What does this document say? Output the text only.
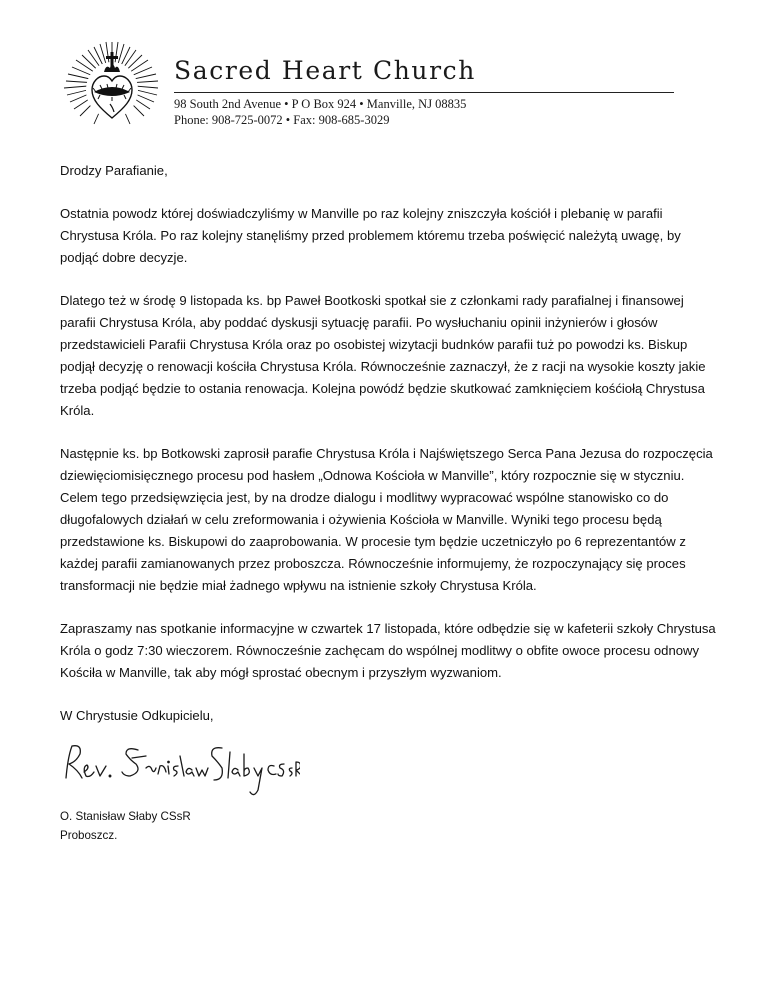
Sacred Heart Church
98 South 2nd Avenue • P O Box 924 • Manville, NJ 08835
Phone: 908-725-0072 • Fax: 908-685-3029

Drodzy Parafianie,

Ostatnia powodz której doświadczyliśmy w Manville po raz kolejny zniszczyła kościół i plebanię w parafii Chrystusa Króla. Po raz kolejny stanęliśmy przed problemem któremu trzeba poświęcić należytą uwagę, by podjąć dobre decyzje.

Dlatego też w środę 9 listopada ks. bp Paweł Bootkoski spotkał sie z członkami rady parafialnej i finansowej parafii Chrystusa Króla, aby poddać dyskusji sytuację parafii. Po wysłuchaniu opinii inżynierów i głosów przedstawicieli Parafii Chrystusa Króla oraz po osobistej wizytacji budnków parafii tuż po powodzi ks. Biskup podjął decyzję o renowacji kościła Chrystusa Króla. Równocześnie zaznaczył, że z racji na wysokie koszty jakie trzeba podjąć będzie to ostania renowacja. Kolejna powódź będzie skutkować zamknięciem kośćiołą Chrystusa Króla.

Następnie ks. bp Botkowski zaprosił parafie Chrystusa Króla i Najświętszego Serca Pana Jezusa do rozpoczęcia dziewięciomisięcznego procesu pod hasłem „Odnowa Kościoła w Manville”, który rozpocznie się w styczniu. Celem tego przedsięwzięcia jest, by na drodze dialogu i modlitwy wypracować wspólne stanowisko co do długofalowych działań w celu zreformowania i ożywienia Kościoła w Manville. Wyniki tego procesu będą przedstawione ks. Biskupowi do zaaprobowania. W procesie tym będzie uczetniczyło po 6 reprezentantów z każdej parafii zamianowanych przez proboszcza. Równocześnie informujemy, że rozpoczynający się proces transformacji nie będzie miał żadnego wpływu na istnienie szkoły Chrystusa Króla.

Zapraszamy nas spotkanie informacyjne w czwartek 17 listopada, które odbędzie się w kafeterii szkoły Chrystusa Króla o godz 7:30 wieczorem. Równocześnie zachęcam do wspólnej modlitwy o obfite owoce procesu odnowy Kościła w Manville, tak aby mógł sprostać obecnym i przyszłym wyzwaniom.

W Chrystusie Odkupicielu,

O. Stanisław Słaby CSsR
Proboszcz.
